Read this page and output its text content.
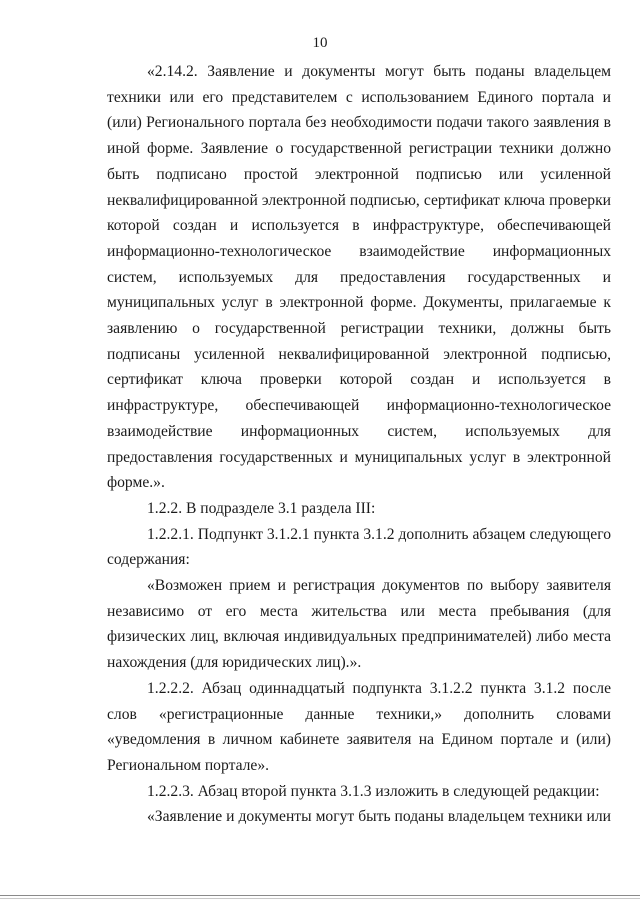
10

«2.14.2. Заявление и документы могут быть поданы владельцем техники или его представителем с использованием Единого портала и (или) Регионального портала без необходимости подачи такого заявления в иной форме. Заявление о государственной регистрации техники должно быть подписано простой электронной подписью или усиленной неквалифицированной электронной подписью, сертификат ключа проверки которой создан и используется в инфраструктуре, обеспечивающей информационно-технологическое взаимодействие информационных систем, используемых для предоставления государственных и муниципальных услуг в электронной форме. Документы, прилагаемые к заявлению о государственной регистрации техники, должны быть подписаны усиленной неквалифицированной электронной подписью, сертификат ключа проверки которой создан и используется в инфраструктуре, обеспечивающей информационно-технологическое взаимодействие информационных систем, используемых для предоставления государственных и муниципальных услуг в электронной форме.».

1.2.2. В подразделе 3.1 раздела III:

1.2.2.1. Подпункт 3.1.2.1 пункта 3.1.2 дополнить абзацем следующего содержания:

«Возможен прием и регистрация документов по выбору заявителя независимо от его места жительства или места пребывания (для физических лиц, включая индивидуальных предпринимателей) либо места нахождения (для юридических лиц).».

1.2.2.2. Абзац одиннадцатый подпункта 3.1.2.2 пункта 3.1.2 после слов «регистрационные данные техники,» дополнить словами «уведомления в личном кабинете заявителя на Едином портале и (или) Региональном портале».

1.2.2.3. Абзац второй пункта 3.1.3 изложить в следующей редакции:

«Заявление и документы могут быть поданы владельцем техники или
